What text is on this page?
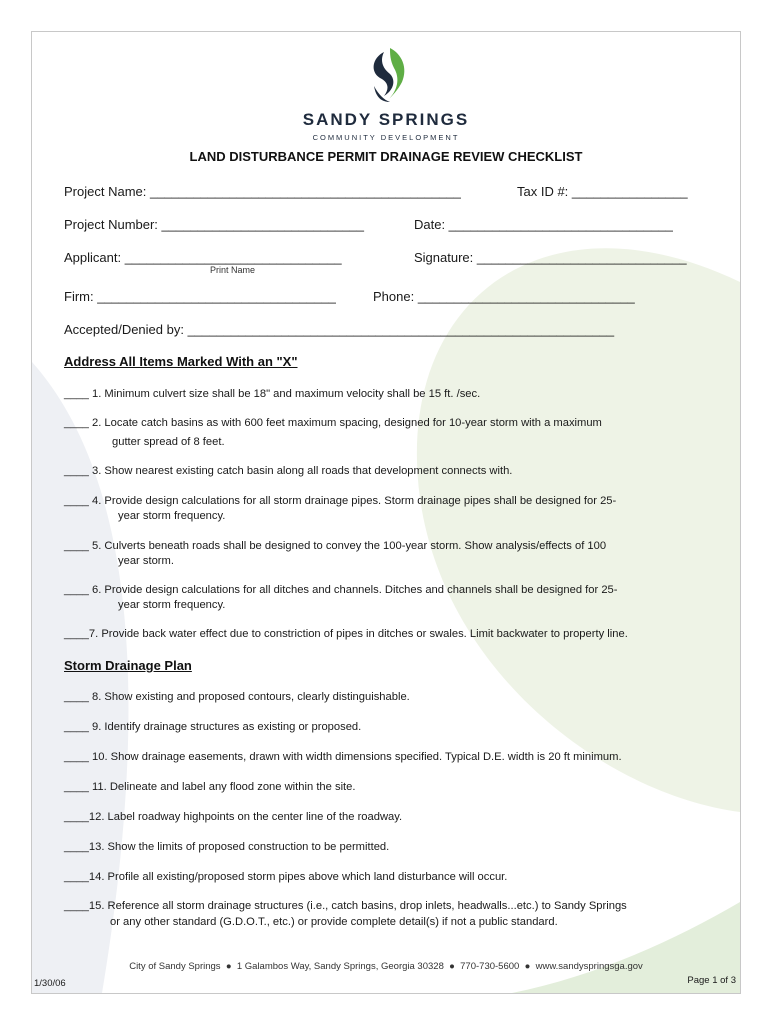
SANDY SPRINGS
COMMUNITY DEVELOPMENT
LAND DISTURBANCE PERMIT DRAINAGE REVIEW CHECKLIST
Project Name: ___________________________________________	Tax ID #: ________________
Project Number: ____________________________	Date: _______________________________
Applicant: ______________________________
Print Name
Signature: _____________________________
Firm: _________________________________	Phone: ______________________________
Accepted/Denied by: ___________________________________________________________
Address All Items Marked With an "X"
____ 1. Minimum culvert size shall be 18" and maximum velocity shall be 15 ft. /sec.
____ 2. Locate catch basins as with 600 feet maximum spacing, designed for 10-year storm with a maximum
gutter spread of 8 feet.
____ 3. Show nearest existing catch basin along all roads that development connects with.
____ 4. Provide design calculations for all storm drainage pipes. Storm drainage pipes shall be designed for 25-
year storm frequency.
____ 5. Culverts beneath roads shall be designed to convey the 100-year storm. Show analysis/effects of 100
year storm.
____ 6. Provide design calculations for all ditches and channels. Ditches and channels shall be designed for 25-
year storm frequency.
____7. Provide back water effect due to constriction of pipes in ditches or swales. Limit backwater to property line.
Storm Drainage Plan
____ 8. Show existing and proposed contours, clearly distinguishable.
____ 9. Identify drainage structures as existing or proposed.
____ 10. Show drainage easements, drawn with width dimensions specified. Typical D.E. width is 20 ft minimum.
____ 11. Delineate and label any flood zone within the site.
____12. Label roadway highpoints on the center line of the roadway.
____13. Show the limits of proposed construction to be permitted.
____14. Profile all existing/proposed storm pipes above which land disturbance will occur.
____15. Reference all storm drainage structures (i.e., catch basins, drop inlets, headwalls...etc.) to Sandy Springs
or any other standard (G.D.O.T., etc.) or provide complete detail(s) if not a public standard.
City of Sandy Springs  ●  1 Galambos Way, Sandy Springs, Georgia 30328  ●  770-730-5600  ●  www.sandyspringsga.gov
1/30/06	Page 1 of 3
